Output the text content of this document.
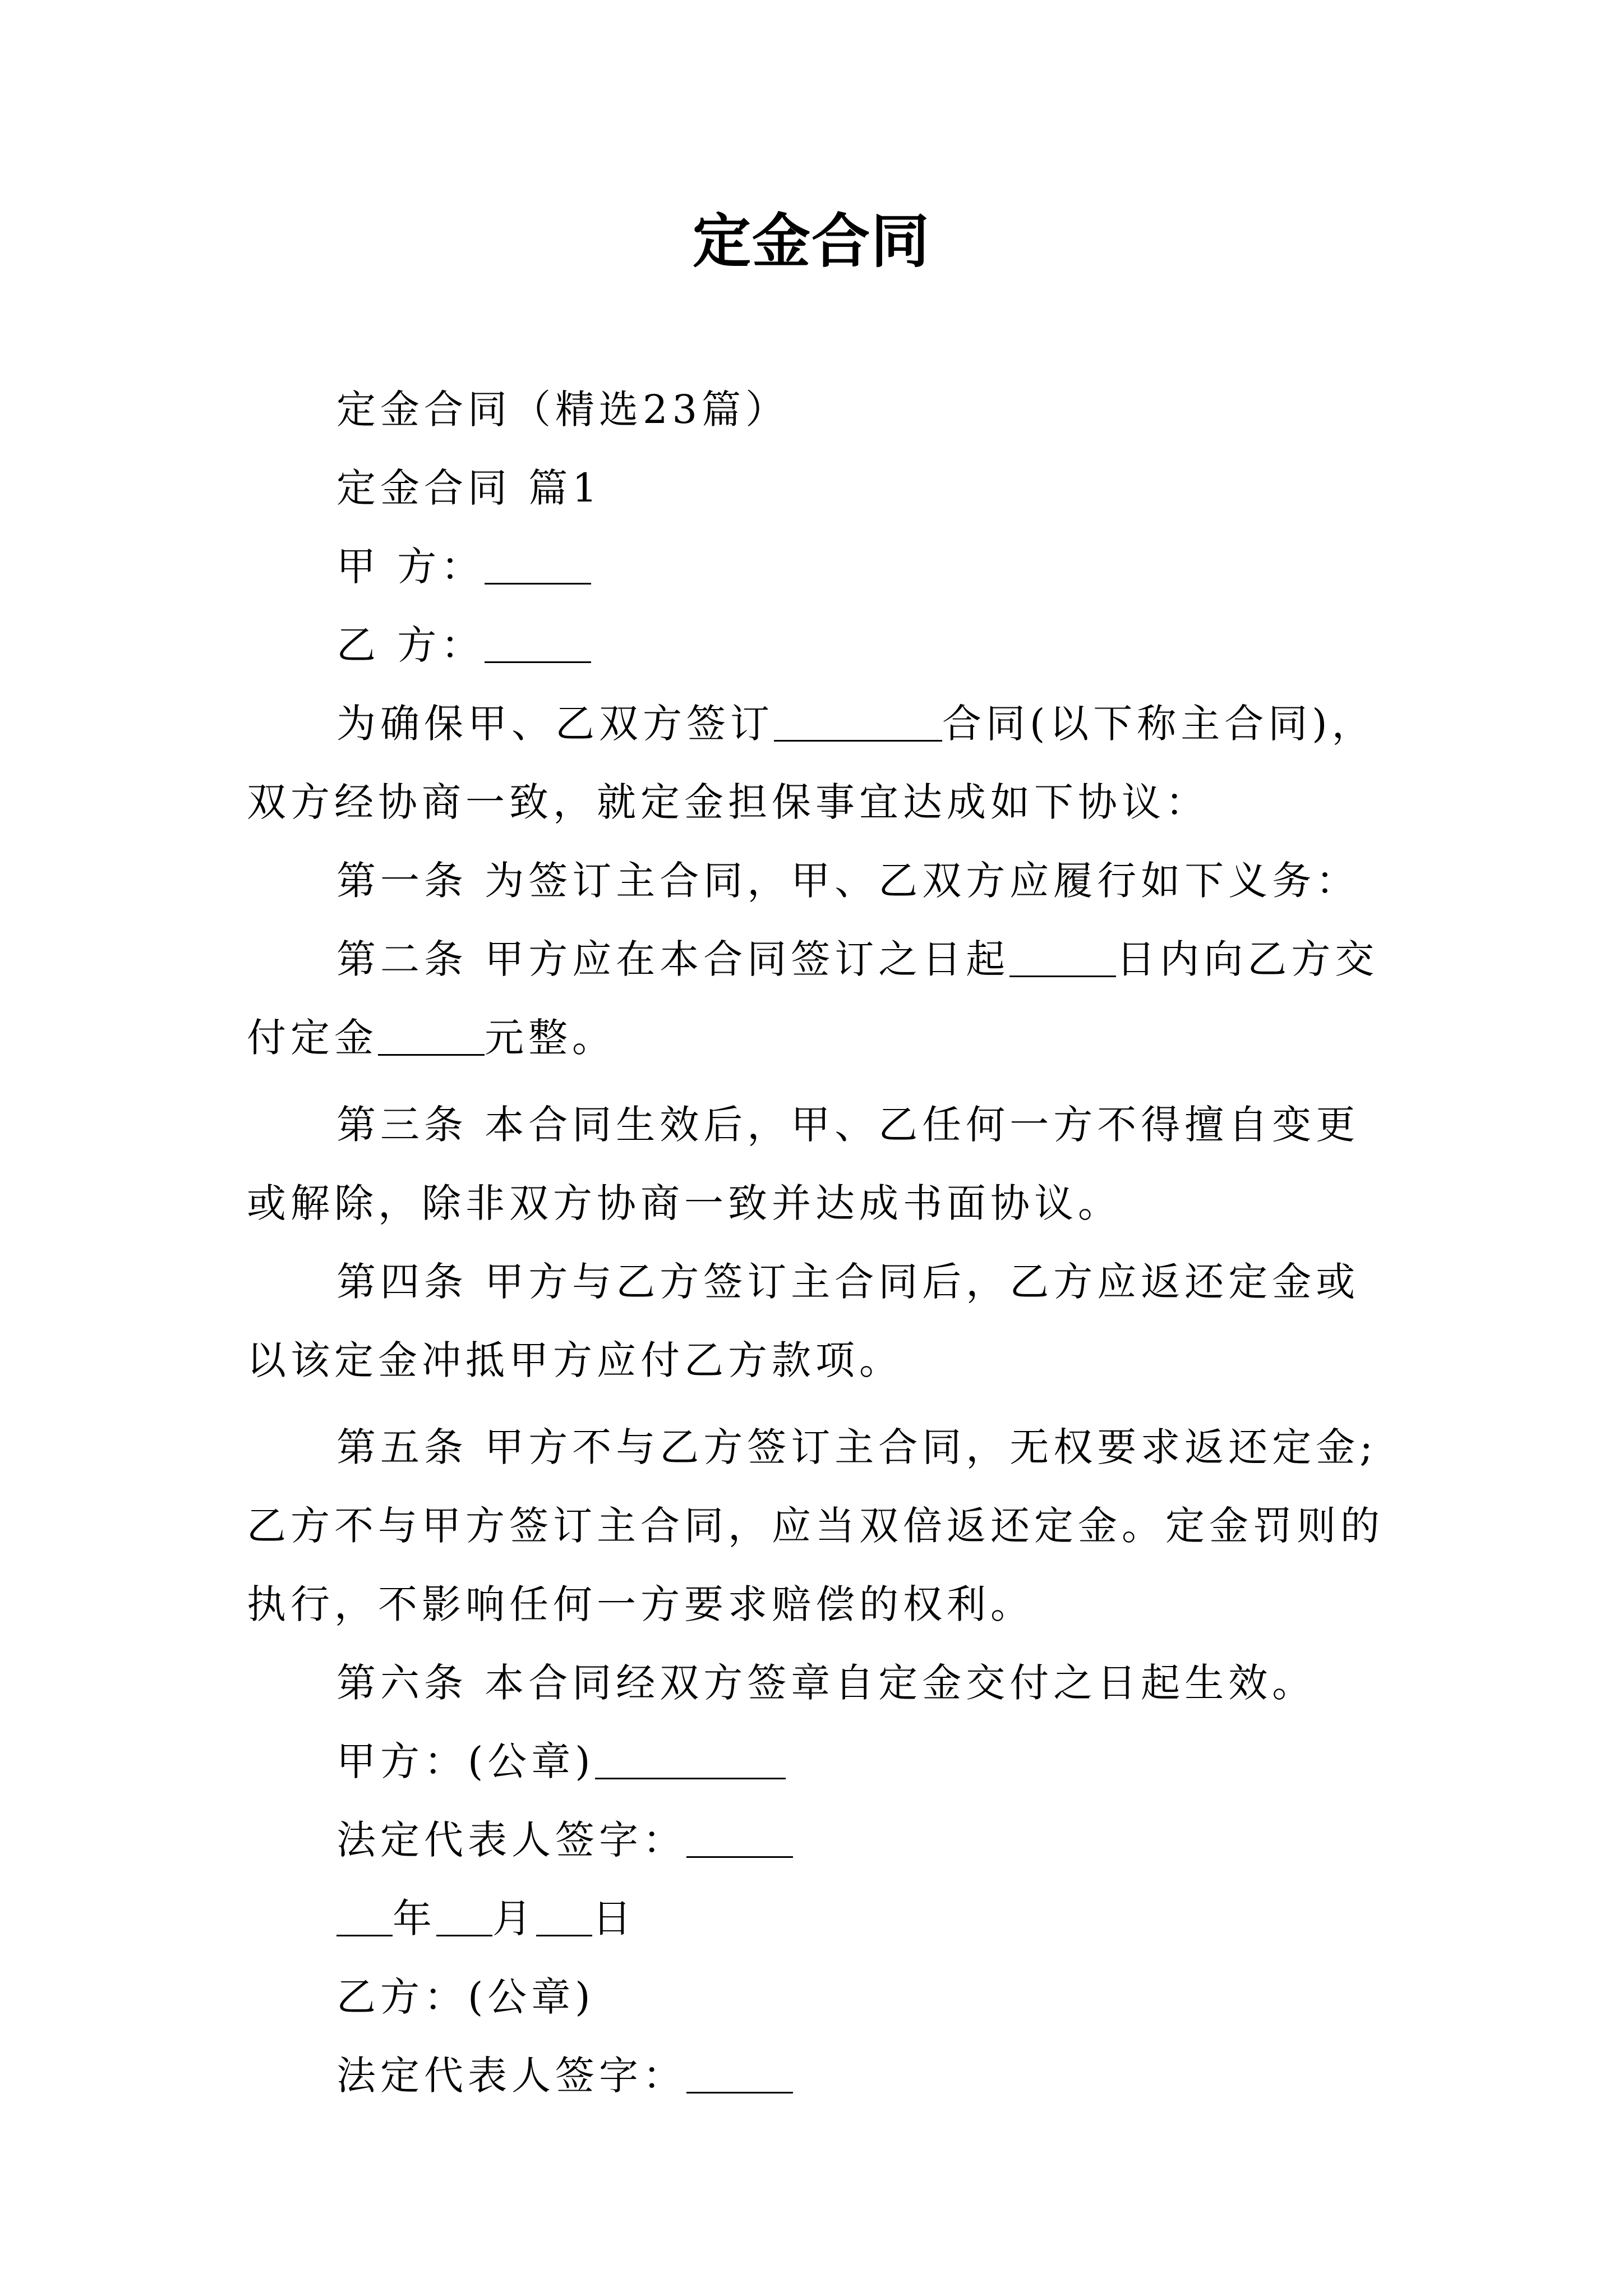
定金合同
定金合同（精选23篇）
定金合同 篇1
甲 方：
乙 方：
为确保甲、乙双方签订	合同(以下称主合同)，
双方经协商一致，就定金担保事宜达成如下协议：
第一条 为签订主合同，甲、乙双方应履行如下义务：
第二条 甲方应在本合同签订之日起	日内向乙方交
付定金	元整。
第三条 本合同生效后，甲、乙任何一方不得擅自变更
或解除，除非双方协商一致并达成书面协议。
第四条 甲方与乙方签订主合同后，乙方应返还定金或
以该定金冲抵甲方应付乙方款项。
第五条 甲方不与乙方签订主合同，无权要求返还定金;
乙方不与甲方签订主合同，应当双倍返还定金。定金罚则的
执行，不影响任何一方要求赔偿的权利。
第六条 本合同经双方签章自定金交付之日起生效。
甲方：(公章)
法定代表人签字：
年 月 日
乙方：(公章)
法定代表人签字：
